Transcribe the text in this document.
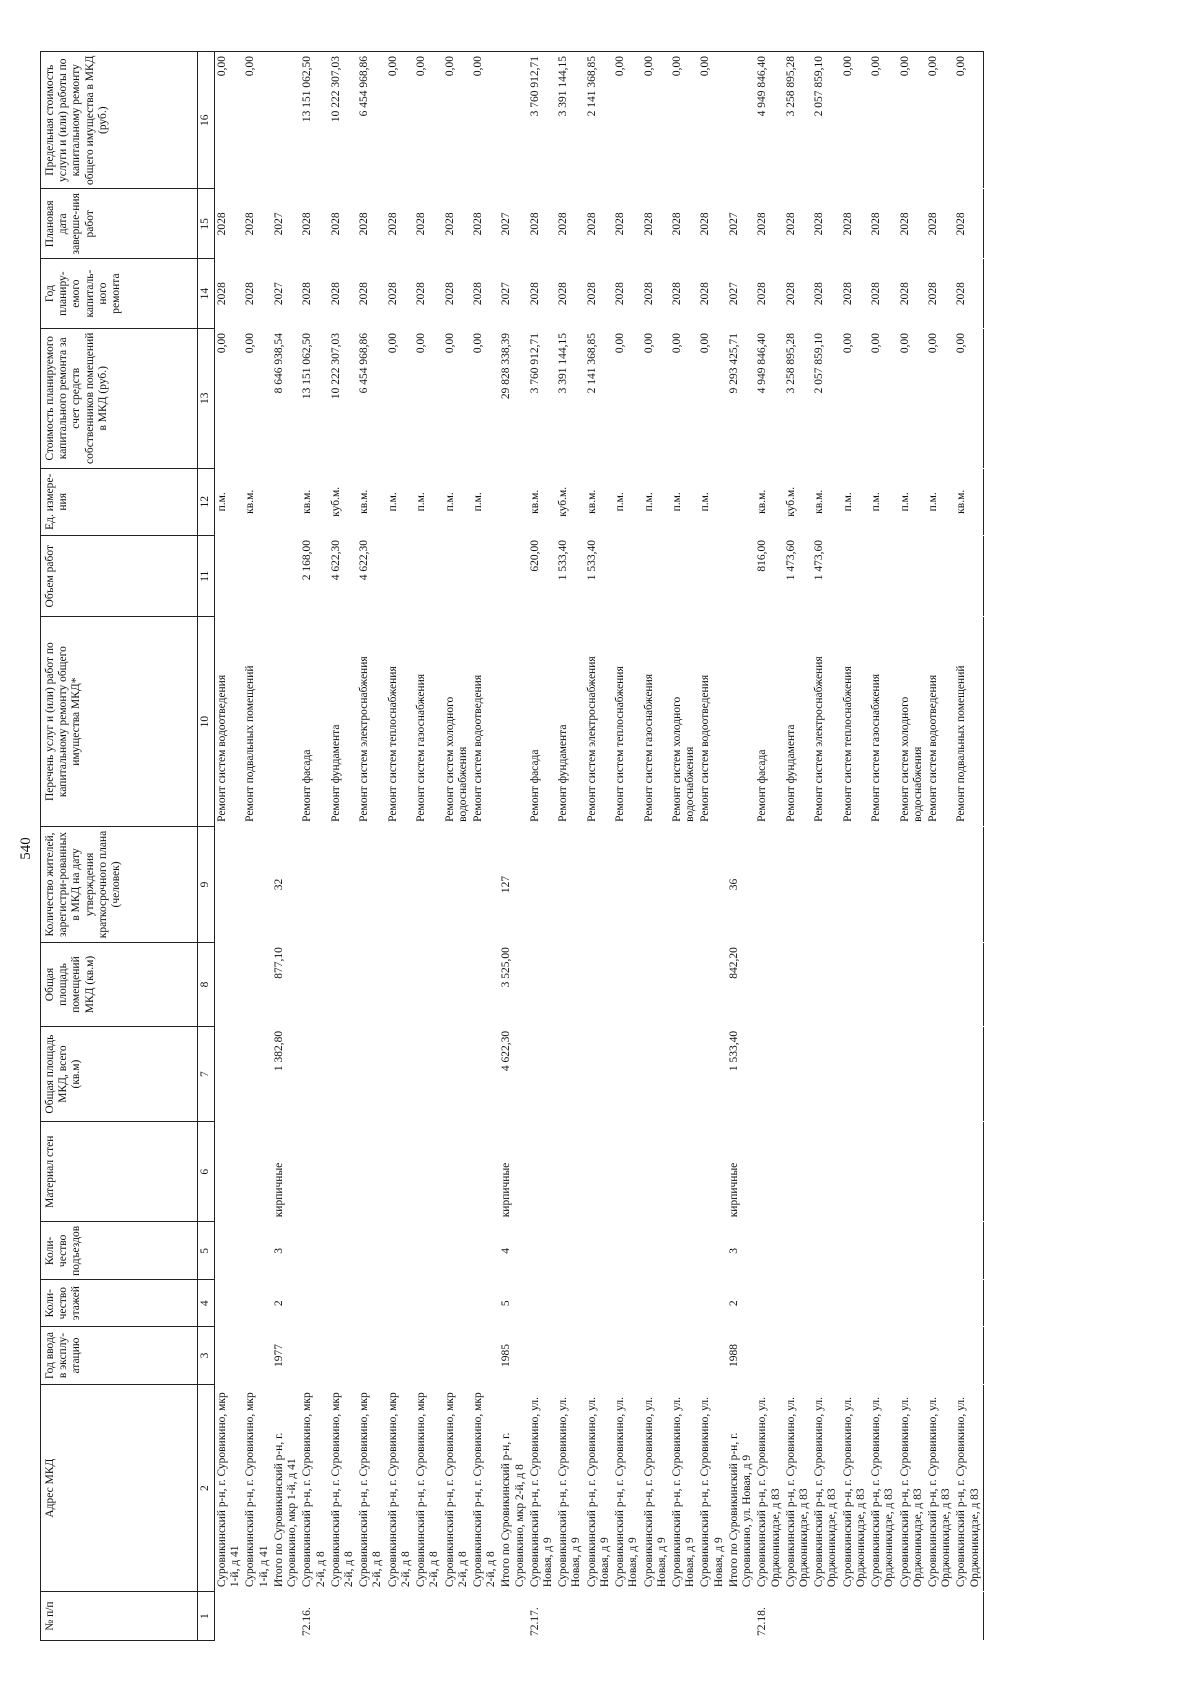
540
№ п/п	Адрес МКД	Год ввода в эксплу-атацию	Коли-чество этажей	Коли-чество подъездов	Материал стен	Общая площадь МКД, всего (кв.м)	Общая площадь помещений МКД (кв.м)	Количество жителей, зарегистри-рованных в МКД на дату утверждения краткосрочного плана (человек)	Перечень услуг и (или) работ по капитальному ремонту общего имущества МКД*	Объем работ	Ед. измере-ния	Стоимость планируемого капитального ремонта за счет средств собственников помещений в МКД (руб.)	Год планиру-емого капиталь-ного ремонта	Плановая дата заверше-ния работ	Предельная стоимость услуги и (или) работы по капитальному ремонту общего имущества в МКД (руб.)
1	2	3	4	5	6	7	8	9	10	11	12	13	14	15	16
	Суровикинский р-н, г. Суровикино, мкр 1-й, д 41								Ремонт систем водоотведения		п.м.	0,00	2028	2028	0,00
	Суровикинский р-н, г. Суровикино, мкр 1-й, д 41								Ремонт подвальных помещений		кв.м.	0,00	2028	2028	0,00
	Итого по Суровикинский р-н, г. Суровикино, мкр 1-й, д 41	1977	2	3	кирпичные	1 382,80	877,10	32				8 646 938,54	2027	2027	
72.16.	Суровикинский р-н, г. Суровикино, мкр 2-й, д 8								Ремонт фасада	2 168,00	кв.м.	13 151 062,50	2028	2028	13 151 062,50
	Суровикинский р-н, г. Суровикино, мкр 2-й, д 8								Ремонт фундамента	4 622,30	куб.м.	10 222 307,03	2028	2028	10 222 307,03
	Суровикинский р-н, г. Суровикино, мкр 2-й, д 8								Ремонт систем электроснабжения	4 622,30	кв.м.	6 454 968,86	2028	2028	6 454 968,86
	Суровикинский р-н, г. Суровикино, мкр 2-й, д 8								Ремонт систем теплоснабжения		п.м.	0,00	2028	2028	0,00
	Суровикинский р-н, г. Суровикино, мкр 2-й, д 8								Ремонт систем газоснабжения		п.м.	0,00	2028	2028	0,00
	Суровикинский р-н, г. Суровикино, мкр 2-й, д 8								Ремонт систем холодного водоснабжения		п.м.	0,00	2028	2028	0,00
	Суровикинский р-н, г. Суровикино, мкр 2-й, д 8								Ремонт систем водоотведения		п.м.	0,00	2028	2028	0,00
	Итого по Суровикинский р-н, г. Суровикино, мкр 2-й, д 8	1985	5	4	кирпичные	4 622,30	3 525,00	127				29 828 338,39	2027	2027	
72.17.	Суровикинский р-н, г. Суровикино, ул. Новая, д 9								Ремонт фасада	620,00	кв.м.	3 760 912,71	2028	2028	3 760 912,71
	Суровикинский р-н, г. Суровикино, ул. Новая, д 9								Ремонт фундамента	1 533,40	куб.м.	3 391 144,15	2028	2028	3 391 144,15
	Суровикинский р-н, г. Суровикино, ул. Новая, д 9								Ремонт систем электроснабжения	1 533,40	кв.м.	2 141 368,85	2028	2028	2 141 368,85
	Суровикинский р-н, г. Суровикино, ул. Новая, д 9								Ремонт систем теплоснабжения		п.м.	0,00	2028	2028	0,00
	Суровикинский р-н, г. Суровикино, ул. Новая, д 9								Ремонт систем газоснабжения		п.м.	0,00	2028	2028	0,00
	Суровикинский р-н, г. Суровикино, ул. Новая, д 9								Ремонт систем холодного водоснабжения		п.м.	0,00	2028	2028	0,00
	Суровикинский р-н, г. Суровикино, ул. Новая, д 9								Ремонт систем водоотведения		п.м.	0,00	2028	2028	0,00
	Итого по Суровикинский р-н, г. Суровикино, ул. Новая, д 9	1988	2	3	кирпичные	1 533,40	842,20	36				9 293 425,71	2027	2027	
72.18.	Суровикинский р-н, г. Суровикино, ул. Орджоникидзе, д 83								Ремонт фасада	816,00	кв.м.	4 949 846,40	2028	2028	4 949 846,40
	Суровикинский р-н, г. Суровикино, ул. Орджоникидзе, д 83								Ремонт фундамента	1 473,60	куб.м.	3 258 895,28	2028	2028	3 258 895,28
	Суровикинский р-н, г. Суровикино, ул. Орджоникидзе, д 83								Ремонт систем электроснабжения	1 473,60	кв.м.	2 057 859,10	2028	2028	2 057 859,10
	Суровикинский р-н, г. Суровикино, ул. Орджоникидзе, д 83								Ремонт систем теплоснабжения		п.м.	0,00	2028	2028	0,00
	Суровикинский р-н, г. Суровикино, ул. Орджоникидзе, д 83								Ремонт систем газоснабжения		п.м.	0,00	2028	2028	0,00
	Суровикинский р-н, г. Суровикино, ул. Орджоникидзе, д 83								Ремонт систем холодного водоснабжения		п.м.	0,00	2028	2028	0,00
	Суровикинский р-н, г. Суровикино, ул. Орджоникидзе, д 83								Ремонт систем водоотведения		п.м.	0,00	2028	2028	0,00
	Суровикинский р-н, г. Суровикино, ул. Орджоникидзе, д 83								Ремонт подвальных помещений		кв.м.	0,00	2028	2028	0,00
